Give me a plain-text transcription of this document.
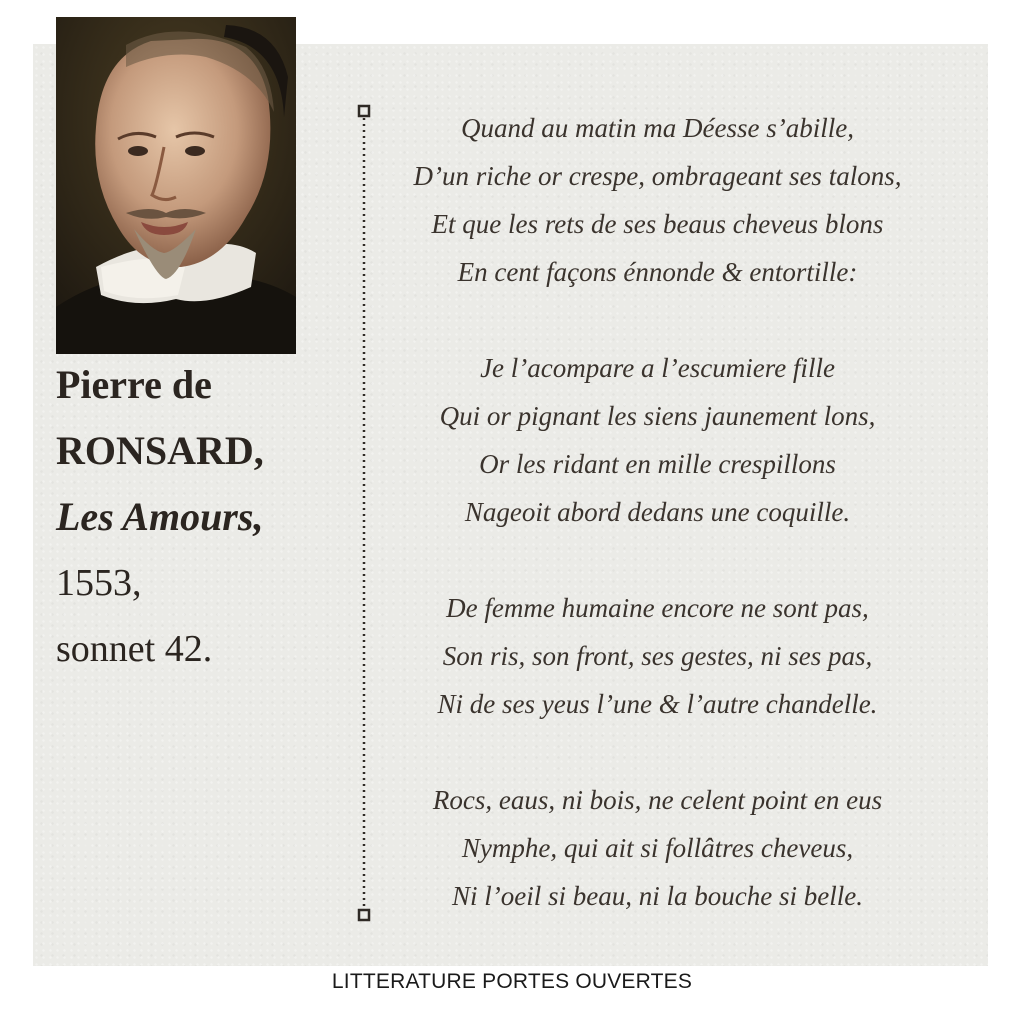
Pierre de

RONSARD,

Les Amours,

1553,

sonnet 42.

Quand au matin ma Déesse s’abille,
D’un riche or crespe, ombrageant ses talons,
Et que les rets de ses beaus cheveus blons
En cent façons énnonde & entortille:
Je l’acompare a l’escumiere fille
Qui or pignant les siens jaunement lons,
Or les ridant en mille crespillons
Nageoit abord dedans une coquille.
De femme humaine encore ne sont pas,
Son ris, son front, ses gestes, ni ses pas,
Ni de ses yeus l’une & l’autre chandelle.
Rocs, eaus, ni bois, ne celent point en eus
Nymphe, qui ait si follâtres cheveus,
Ni l’oeil si beau, ni la bouche si belle.
LITTERATURE PORTES OUVERTES
